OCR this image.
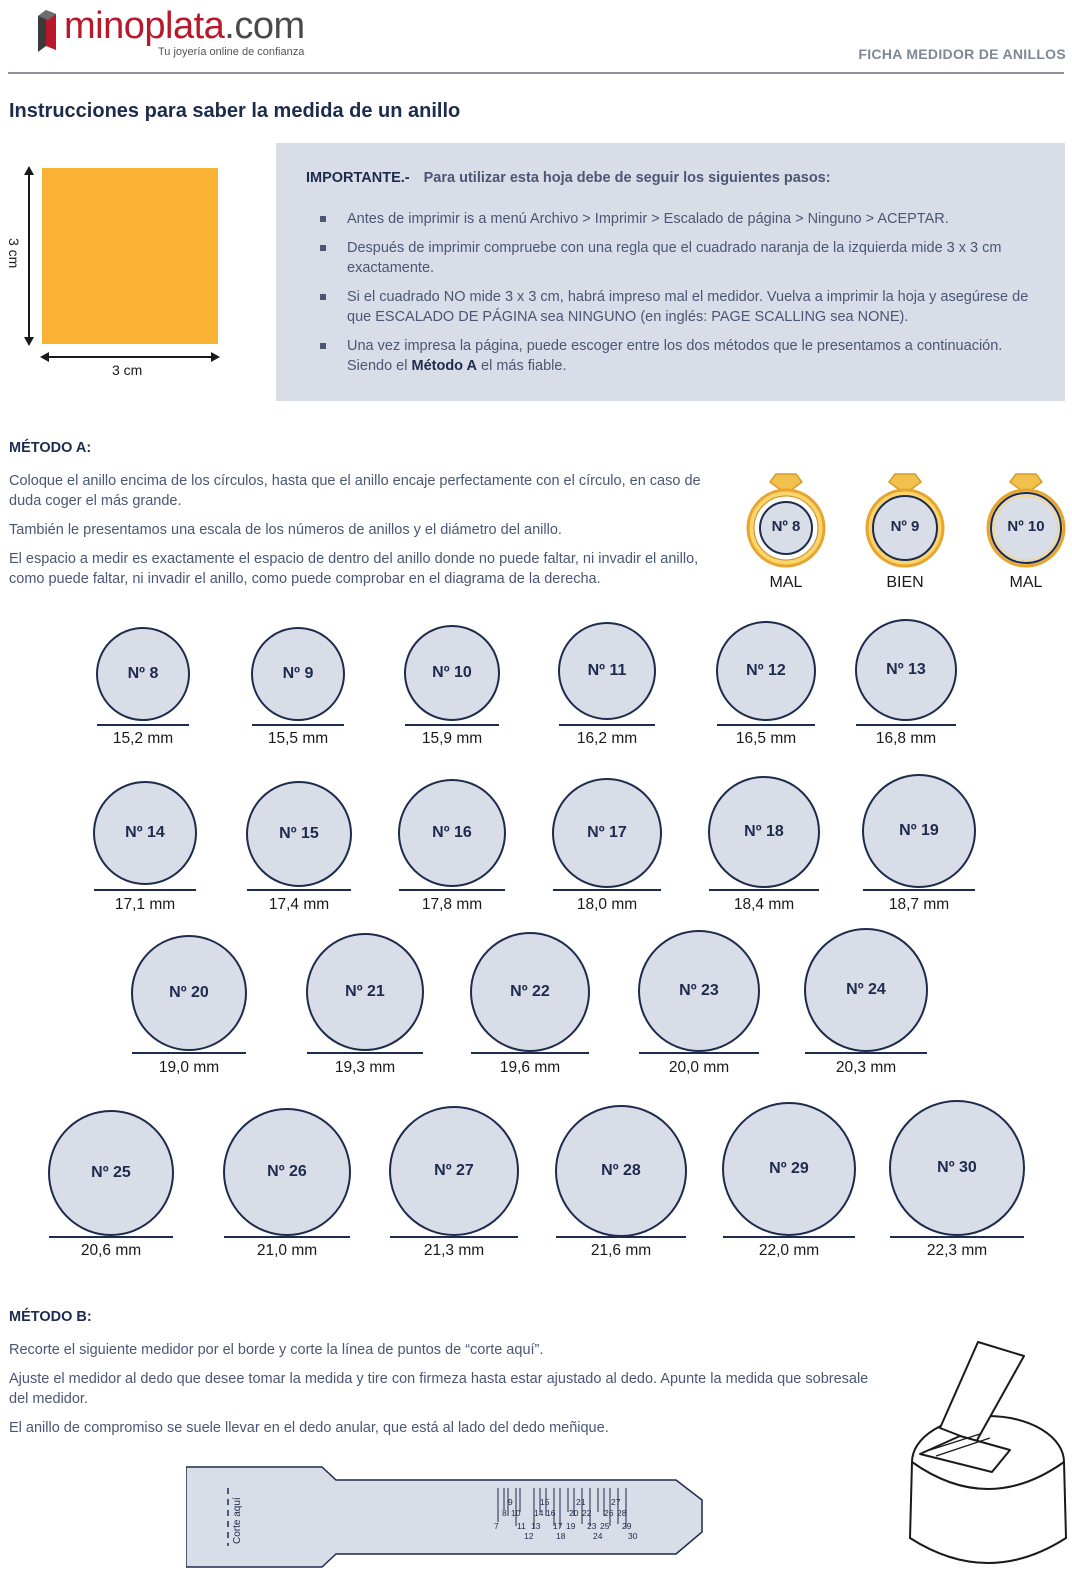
minoplata.com
Tu joyería online de confianza	FICHA MEDIDOR DE ANILLOS
Instrucciones para saber la medida de un anillo
3 cm
3 cm
IMPORTANTE.- Para utilizar esta hoja debe de seguir los siguientes pasos:
Antes de imprimir is a menú Archivo > Imprimir > Escalado de página > Ninguno > ACEPTAR.
Después de imprimir compruebe con una regla que el cuadrado naranja de la izquierda mide 3 x 3 cm exactamente.
Si el cuadrado NO mide 3 x 3 cm, habrá impreso mal el medidor. Vuelva a imprimir la hoja y asegúrese de que ESCALADO DE PÁGINA sea NINGUNO (en inglés: PAGE SCALLING sea NONE).
Una vez impresa la página, puede escoger entre los dos métodos que le presentamos a continuación. Siendo el Método A el más fiable.
MÉTODO A:

Coloque el anillo encima de los círculos, hasta que el anillo encaje perfectamente con el círculo, en caso de duda coger el más grande.

También le presentamos una escala de los números de anillos y el diámetro del anillo.

El espacio a medir es exactamente el espacio de dentro del anillo donde no puede faltar, ni invadir el anillo, como puede faltar, ni invadir el anillo, como puede comprobar en el diagrama de la derecha.

Nº 8
MAL
Nº 9
BIEN
Nº 10
MAL
Nº 8
15,2 mm
Nº 9
15,5 mm
Nº 10
15,9 mm
Nº 11
16,2 mm
Nº 12
16,5 mm
Nº 13
16,8 mm
Nº 14
17,1 mm
Nº 15
17,4 mm
Nº 16
17,8 mm
Nº 17
18,0 mm
Nº 18
18,4 mm
Nº 19
18,7 mm
Nº 20
19,0 mm
Nº 21
19,3 mm
Nº 22
19,6 mm
Nº 23
20,0 mm
Nº 24
20,3 mm
Nº 25
20,6 mm
Nº 26
21,0 mm
Nº 27
21,3 mm
Nº 28
21,6 mm
Nº 29
22,0 mm
Nº 30
22,3 mm
MÉTODO B:

Recorte el siguiente medidor por el borde y corte la línea de puntos de “corte aquí”.

Ajuste el medidor al dedo que desee tomar la medida y tire con firmeza hasta estar ajustado al dedo. Apunte la medida que sobresale del medidor.

El anillo de compromiso se suele llevar en el dedo anular, que está al lado del dedo meñique.

Corte aquí	9
8 10
7 11 13
12
15
14 16
18
17 19
21
20 22
23 25
24
27
26 28
29
30
